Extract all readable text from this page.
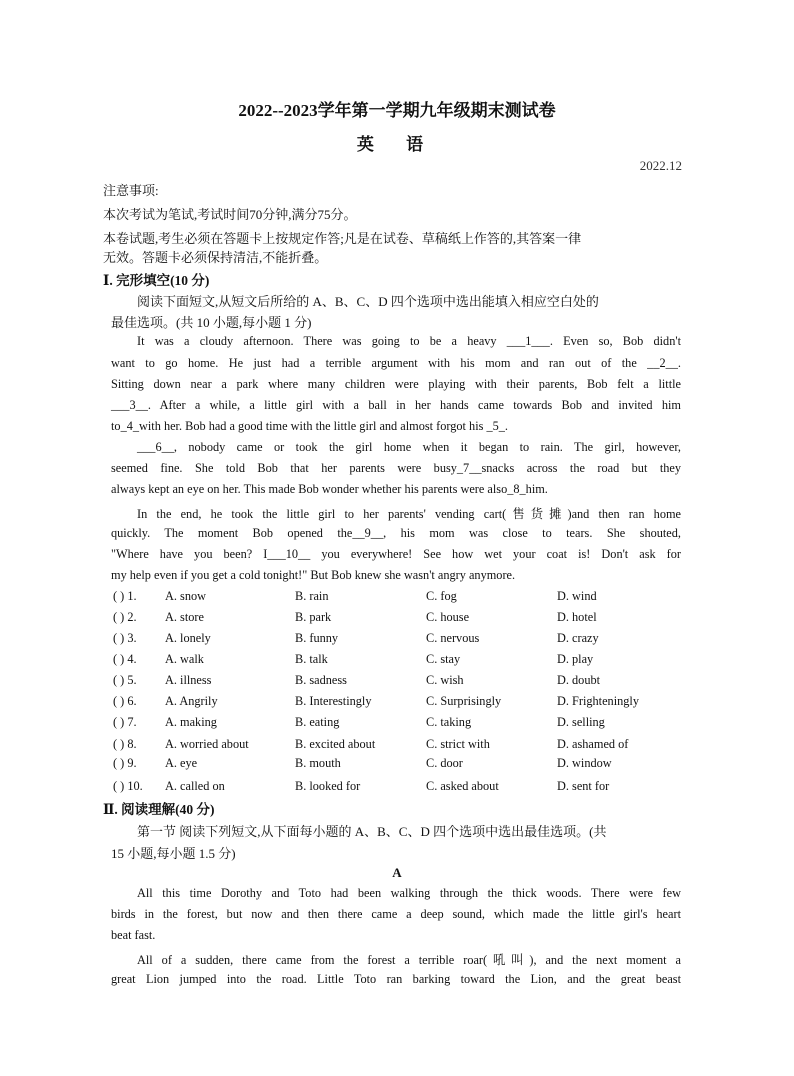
2022--2023学年第一学期九年级期末测试卷
英 语
2022.12
注意事项:
本次考试为笔试,考试时间70分钟,满分75分。
本卷试题,考生必须在答题卡上按规定作答;凡是在试卷、草稿纸上作答的,其答案一律
无效。答题卡必须保持清洁,不能折叠。
Ⅰ. 完形填空(10 分)
阅读下面短文,从短文后所给的 A、B、C、D 四个选项中选出能填入相应空白处的
最佳选项。(共 10 小题,每小题 1 分)
It was a cloudy afternoon. There was going to be a heavy ___1___. Even so, Bob didn't
want to go home. He just had a terrible argument with his mom and ran out of the __2__.
Sitting down near a park where many children were playing with their parents, Bob felt a little
___3__. After a while, a little girl with a ball in her hands came towards Bob and invited him
to_4_with her. Bob had a good time with the little girl and almost forgot his _5_.
___6__, nobody came or took the girl home when it began to rain. The girl, however,
seemed fine. She told Bob that her parents were busy_7__snacks across the road but they
always kept an eye on her. This made Bob wonder whether his parents were also_8_him.
In the end, he took the little girl to her parents' vending cart(售货摊)and then ran home
quickly. The moment Bob opened the__9__, his mom was close to tears. She shouted,
"Where have you been? I___10__ you everywhere! See how wet your coat is! Don't ask for
my help even if you get a cold tonight!" But Bob knew she wasn't angry anymore.
( ) 1. A. snow	B. rain	C. fog	D. wind
( ) 2. A. store	B. park	C. house	D. hotel
( ) 3. A. lonely	B. funny	C. nervous	D. crazy
( ) 4. A. walk	B. talk	C. stay	D. play
( ) 5. A. illness	B. sadness	C. wish	D. doubt
( ) 6. A. Angrily	B. Interestingly	C. Surprisingly	D. Frighteningly
( ) 7. A. making	B. eating	C. taking	D. selling
( ) 8. A. worried about	B. excited about	C. strict with	D. ashamed of
( ) 9. A. eye	B. mouth	C. door	D. window
( ) 10. A. called on	B. looked for	C. asked about	D. sent for
Ⅱ. 阅读理解(40 分)
第一节 阅读下列短文,从下面每小题的 A、B、C、D 四个选项中选出最佳选项。(共
15 小题,每小题 1.5 分)
A
All this time Dorothy and Toto had been walking through the thick woods. There were few
birds in the forest, but now and then there came a deep sound, which made the little girl's heart
beat fast.
All of a sudden, there came from the forest a terrible roar(吼叫), and the next moment a
great Lion jumped into the road. Little Toto ran barking toward the Lion, and the great beast
